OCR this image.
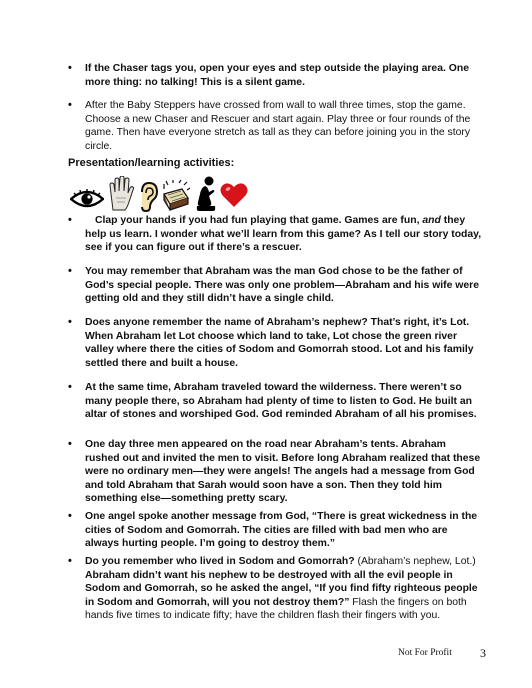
• If the Chaser tags you, open your eyes and step outside the playing area. One more thing: no talking! This is a silent game.

• After the Baby Steppers have crossed from wall to wall three times, stop the game. Choose a new Chaser and Rescuer and start again. Play three or four rounds of the game. Then have everyone stretch as tall as they can before joining you in the story circle.

Presentation/learning activities:

•	Clap your hands if you had fun playing that game. Games are fun, and they help us learn. I wonder what we’ll learn from this game? As I tell our story today, see if you can figure out if there’s a rescuer.

• You may remember that Abraham was the man God chose to be the father of God’s special people. There was only one problem—Abraham and his wife were getting old and they still didn’t have a single child.

• Does anyone remember the name of Abraham’s nephew? That’s right, it’s Lot. When Abraham let Lot choose which land to take, Lot chose the green river valley where there the cities of Sodom and Gomorrah stood. Lot and his family settled there and built a house.

• At the same time, Abraham traveled toward the wilderness. There weren’t so many people there, so Abraham had plenty of time to listen to God. He built an altar of stones and worshiped God. God reminded Abraham of all his promises.

• One day three men appeared on the road near Abraham’s tents. Abraham rushed out and invited the men to visit. Before long Abraham realized that these were no ordinary men—they were angels! The angels had a message from God and told Abraham that Sarah would soon have a son. Then they told him something else—something pretty scary.

• One angel spoke another message from God, “There is great wickedness in the cities of Sodom and Gomorrah. The cities are filled with bad men who are always hurting people. I’m going to destroy them.”

• Do you remember who lived in Sodom and Gomorrah? (Abraham’s nephew, Lot.) Abraham didn’t want his nephew to be destroyed with all the evil people in Sodom and Gomorrah, so he asked the angel, “If you find fifty righteous people in Sodom and Gomorrah, will you not destroy them?” Flash the fingers on both hands five times to indicate fifty; have the children flash their fingers with you.

Not For Profit 3
